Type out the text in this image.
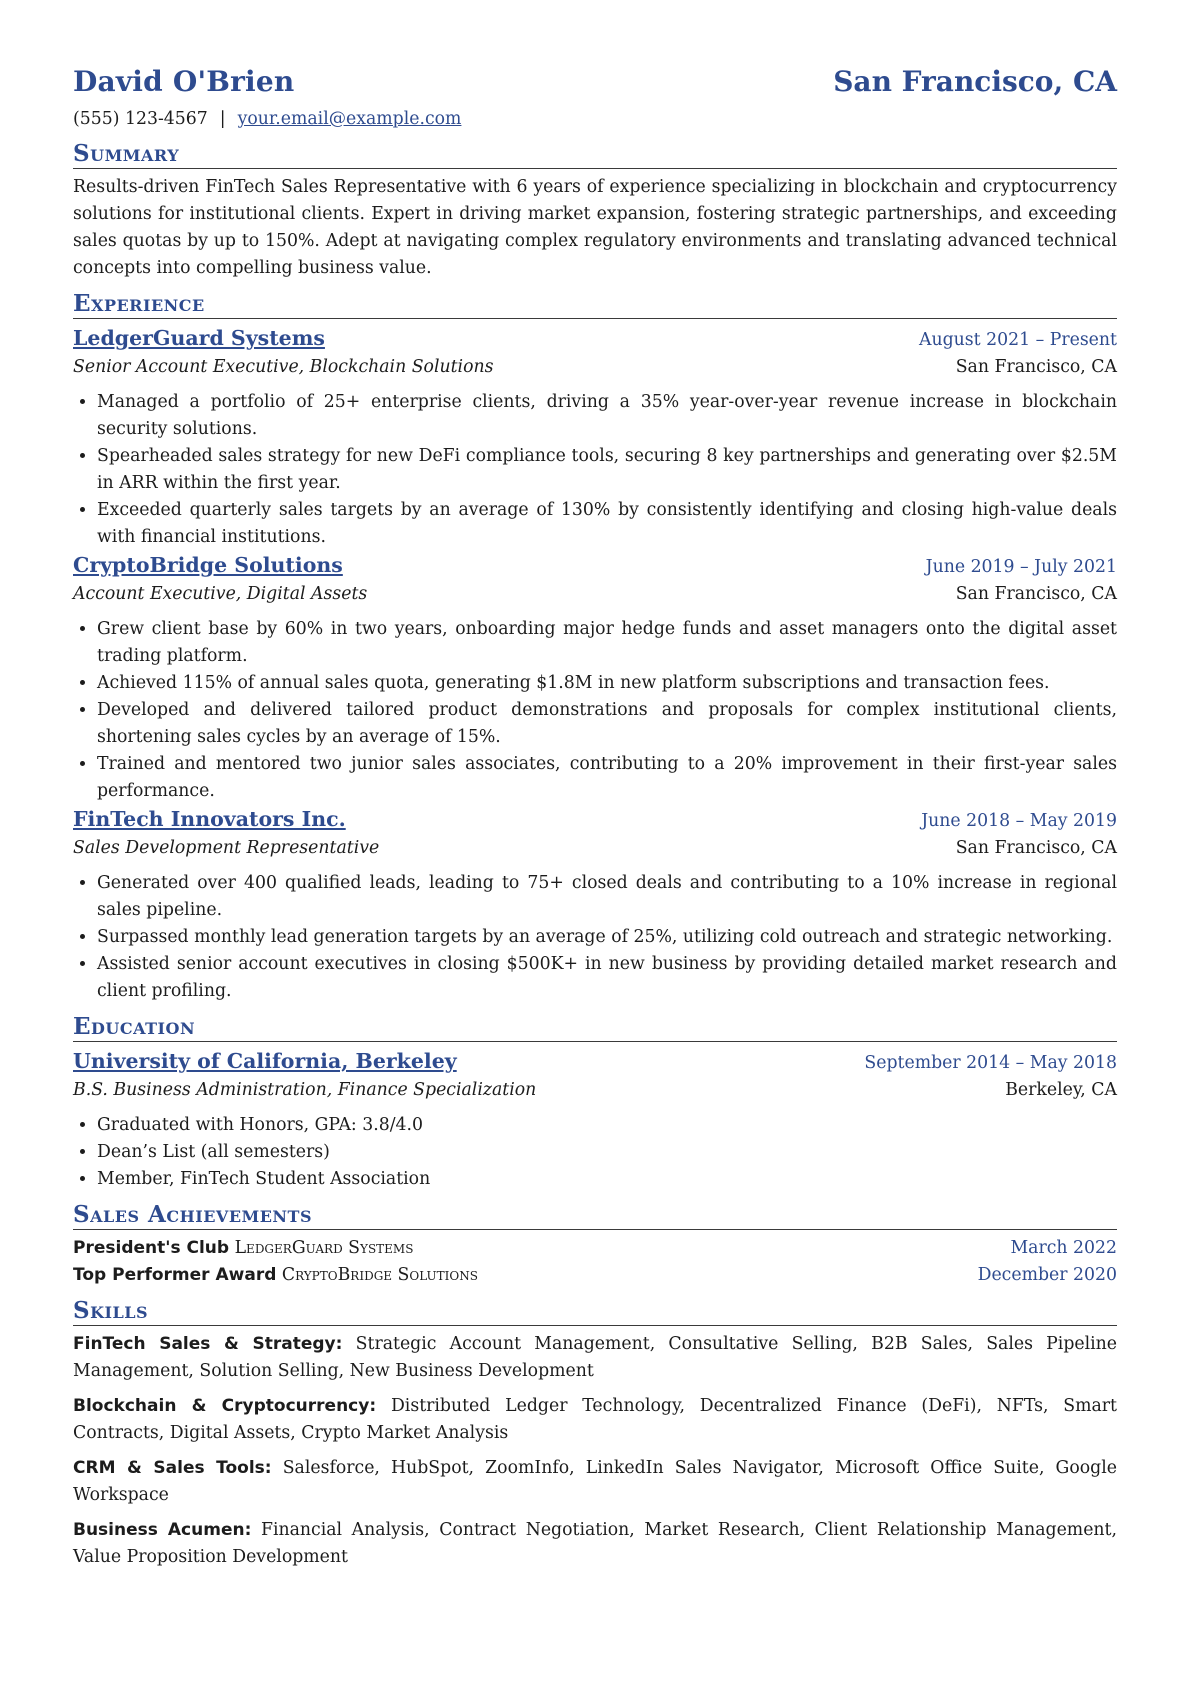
David O'Brien	San Francisco, CA
(555) 123-4567 | your.email@example.com
Summary
Results-driven FinTech Sales Representative with 6 years of experience specializing in blockchain and cryptocurrency solutions for institutional clients. Expert in driving market expansion, fostering strategic partnerships, and exceeding sales quotas by up to 150%. Adept at navigating complex regulatory environments and translating advanced technical concepts into compelling business value.
Experience
LedgerGuard Systems	August 2021 – Present
Senior Account Executive, Blockchain Solutions	San Francisco, CA
• Managed a portfolio of 25+ enterprise clients, driving a 35% year-over-year revenue increase in blockchain security solutions.
• Spearheaded sales strategy for new DeFi compliance tools, securing 8 key partnerships and generating over $2.5M in ARR within the first year.
• Exceeded quarterly sales targets by an average of 130% by consistently identifying and closing high-value deals with financial institutions.
CryptoBridge Solutions	June 2019 – July 2021
Account Executive, Digital Assets	San Francisco, CA
• Grew client base by 60% in two years, onboarding major hedge funds and asset managers onto the digital asset trading platform.
• Achieved 115% of annual sales quota, generating $1.8M in new platform subscriptions and transaction fees.
• Developed and delivered tailored product demonstrations and proposals for complex institutional clients, shortening sales cycles by an average of 15%.
• Trained and mentored two junior sales associates, contributing to a 20% improvement in their first-year sales performance.
FinTech Innovators Inc.	June 2018 – May 2019
Sales Development Representative	San Francisco, CA
• Generated over 400 qualified leads, leading to 75+ closed deals and contributing to a 10% increase in regional sales pipeline.
• Surpassed monthly lead generation targets by an average of 25%, utilizing cold outreach and strategic networking.
• Assisted senior account executives in closing $500K+ in new business by providing detailed market research and client profiling.
Education
University of California, Berkeley	September 2014 – May 2018
B.S. Business Administration, Finance Specialization	Berkeley, CA
• Graduated with Honors, GPA: 3.8/4.0
• Dean’s List (all semesters)
• Member, FinTech Student Association
Sales Achievements
President's Club LedgerGuard Systems	March 2022
Top Performer Award CryptoBridge Solutions	December 2020
Skills
FinTech Sales & Strategy: Strategic Account Management, Consultative Selling, B2B Sales, Sales Pipeline Management, Solution Selling, New Business Development
Blockchain & Cryptocurrency: Distributed Ledger Technology, Decentralized Finance (DeFi), NFTs, Smart Contracts, Digital Assets, Crypto Market Analysis
CRM & Sales Tools: Salesforce, HubSpot, ZoomInfo, LinkedIn Sales Navigator, Microsoft Office Suite, Google Workspace
Business Acumen: Financial Analysis, Contract Negotiation, Market Research, Client Relationship Management, Value Proposition Development
